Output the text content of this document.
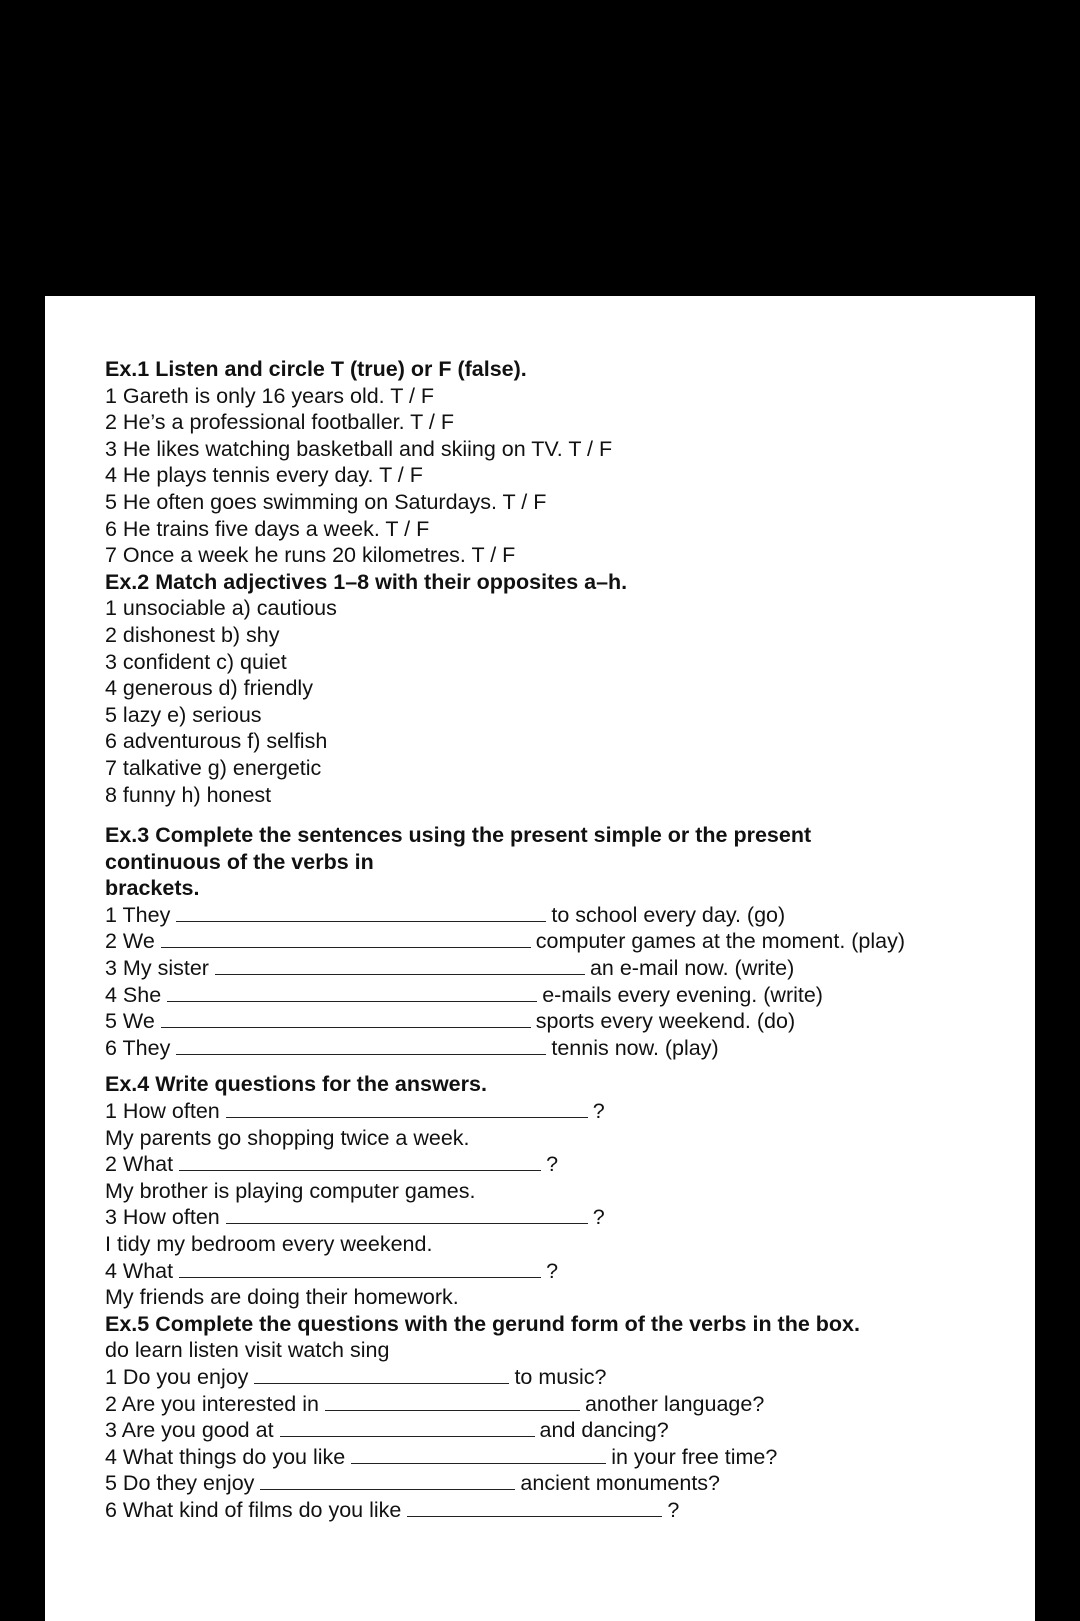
Ex.1 Listen and circle T (true) or F (false).
1 Gareth is only 16 years old. T / F
2 He’s a professional footballer. T / F
3 He likes watching basketball and skiing on TV. T / F
4 He plays tennis every day. T / F
5 He often goes swimming on Saturdays. T / F
6 He trains five days a week. T / F
7 Once a week he runs 20 kilometres. T / F
Ex.2 Match adjectives 1–8 with their opposites a–h.
1 unsociable a) cautious
2 dishonest b) shy
3 confident c) quiet
4 generous d) friendly
5 lazy e) serious
6 adventurous f) selfish
7 talkative g) energetic
8 funny h) honest
Ex.3 Complete the sentences using the present simple or the present
continuous of the verbs in
brackets.
1 They	to school every day. (go)
2 We	computer games at the moment. (play)
3 My sister	an e-mail now. (write)
4 She	e-mails every evening. (write)
5 We	sports every weekend. (do)
6 They	tennis now. (play)
Ex.4 Write questions for the answers.
1 How often	?
My parents go shopping twice a week.
2 What	?
My brother is playing computer games.
3 How often	?
I tidy my bedroom every weekend.
4 What	?
My friends are doing their homework.
Ex.5 Complete the questions with the gerund form of the verbs in the box.
do learn listen visit watch sing
1 Do you enjoy	to music?
2 Are you interested in	another language?
3 Are you good at	and dancing?
4 What things do you like	in your free time?
5 Do they enjoy	ancient monuments?
6 What kind of films do you like	?
